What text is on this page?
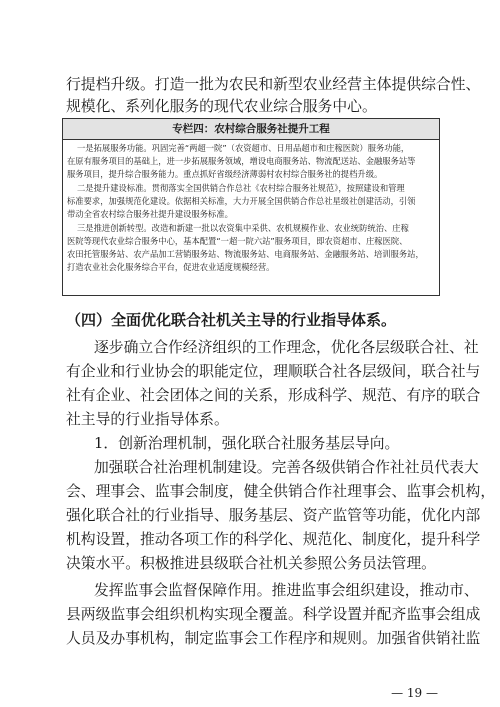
行提档升级。打造一批为农民和新型农业经营主体提供综合性、
规模化、系列化服务的现代农业综合服务中心。
专栏四：农村综合服务社提升工程
一是拓展服务功能。巩固完善“两超一院”（农资超市、日用品超市和庄稼医院）服务功能，
在原有服务项目的基础上，进一步拓展服务领域，增设电商服务站、物流配送站、金融服务站等
服务项目，提升综合服务能力。重点抓好省级经济薄弱村农村综合服务社的提档升级。
二是提升建设标准。贯彻落实全国供销合作总社《农村综合服务社规范》，按照建设和管理
标准要求，加强规范化建设。依据相关标准，大力开展全国供销合作总社星级社创建活动，引领
带动全省农村综合服务社提升建设服务标准。
三是推进创新转型。改造和新建一批以农资集中采供、农机规模作业、农业统防统治、庄稼
医院等现代农业综合服务中心，基本配置“一超一院六站”服务项目，即农资超市、庄稼医院、
农田托管服务站、农产品加工营销服务站、物流服务站、电商服务站、金融服务站、培训服务站，
打造农业社会化服务综合平台，促进农业适度规模经营。
（四）全面优化联合社机关主导的行业指导体系。
逐步确立合作经济组织的工作理念，优化各层级联合社、社
有企业和行业协会的职能定位，理顺联合社各层级间，联合社与
社有企业、社会团体之间的关系，形成科学、规范、有序的联合
社主导的行业指导体系。
1．创新治理机制，强化联合社服务基层导向。
加强联合社治理机制建设。完善各级供销合作社社员代表大
会、理事会、监事会制度，健全供销合作社理事会、监事会机构，
强化联合社的行业指导、服务基层、资产监管等功能，优化内部
机构设置，推动各项工作的科学化、规范化、制度化，提升科学
决策水平。积极推进县级联合社机关参照公务员法管理。
发挥监事会监督保障作用。推进监事会组织建设，推动市、
县两级监事会组织机构实现全覆盖。科学设置并配齐监事会组成
人员及办事机构，制定监事会工作程序和规则。加强省供销社监
— 19 —
